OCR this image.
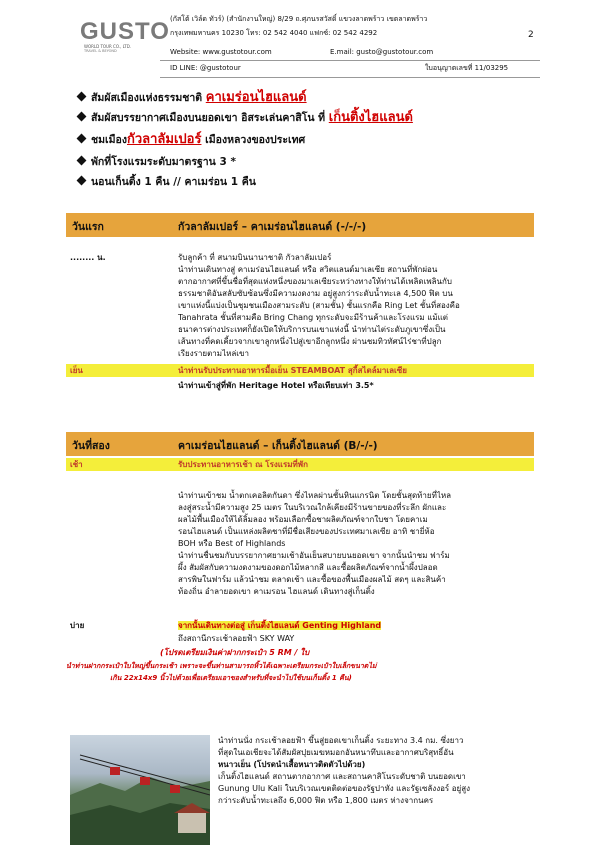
GUSTO
WORLD TOUR CO., LTD.
TRAVEL & BEYOND
(กัสโต้ เวิล์ด ทัวร์) (สำนักงานใหญ่) 8/29 ถ.ศุภนรสวัสดิ์ แขวงลาดพร้าว เขตลาดพร้าว
กรุงเทพมหานคร 10230 โทร: 02 542 4040 แฟกซ์: 02 542 4292	2
Website: www.gustotour.com	E.mail: gusto@gustotour.com
ID LINE: @gustotour	ใบอนุญาตเลขที่ 11/03295
สัมผัสเมืองแห่งธรรมชาติ คาเมร่อนไฮแลนด์
สัมผัสบรรยากาศเมืองบนยอดเขา อิสระเล่นคาสิโน ที่ เก็นติ้งไฮแลนด์
ชมเมืองกัวลาลัมเปอร์ เมืองหลวงของประเทศ
พักที่โรงแรมระดับมาตรฐาน 3 *
นอนเก็นติ้ง 1 คืน // คาเมร่อน 1 คืน
วันแรก	กัวลาลัมเปอร์ – คาเมร่อนไฮแลนด์ (-/-/-)
........ น.	รับลูกค้า ที่ สนามบินนานาชาติ กัวลาลัมเปอร์
นำท่านเดินทางสู่ คาเมร่อนไฮแลนด์ หรือ สวิตแลนด์มาเลเซีย สถานที่พักผ่อน
ตากอากาศที่ขึ้นชื่อที่สุดแห่งหนึ่งของมาเลเซียระหว่างทางให้ท่านได้เพลิดเพลินกับ
ธรรมชาติอันสลับซับซ้อนซึ่งมีความงดงาม อยู่สูงกว่าระดับน้ำทะเล 4,500 ฟิต บน
เขาแห่งนี้แบ่งเป็นชุมชนเมืองสามระดับ (สามชั้น) ชั้นแรกคือ Ring Let ชั้นที่สองคือ
Tanahrata ชั้นที่สามคือ Bring Chang ทุกระดับจะมีร้านค้าและโรงแรม แม้แต่
ธนาคารต่างประเทศก็ยังเปิดให้บริการบนเขาแห่งนี้ นำท่านไต่ระดับภูเขาซึ่งเป็น
เส้นทางที่คดเคี้ยวจากเขาลูกหนึ่งไปสู่เขาอีกลูกหนึ่ง ผ่านชมทิวทัศน์ไร่ชาที่ปลูก
เรียงรายตามไหล่เขา
เย็น	นำท่านรับประทานอาหารมื้อเย็น STEAMBOAT สุกี้สไตล์มาเลเซีย
นำท่านเข้าสู่ที่พัก Heritage Hotel หรือเทียบเท่า 3.5*
วันที่สอง	คาเมร่อนไฮแลนด์ – เก็นติ้งไฮแลนด์ (B/-/-)
เช้า	รับประทานอาหารเช้า ณ โรงแรมที่พัก
นำท่านเข้าชม น้ำตกเคอลิตกันดา ซึ่งไหลผ่านชั้นหินแกรนิต โดยชั้นสุดท้ายที่ไหล
ลงสู่สระน้ำมีความสูง 25 เมตร ในบริเวณใกล้เคียงมีร้านขายของที่ระลึก ผักและ
ผลไม้พื้นเมืองให้ได้ลิ้มลอง พร้อมเลือกซื้อชาผลิตภัณฑ์จากใบชา โดยคาเม
รอนไฮแลนด์ เป็นแหล่งผลิตชาที่มีชื่อเสียงของประเทศมาเลเซีย อาทิ ชายี่ห้อ
BOH หรือ Best of Highlands
นำท่านชื่นชมกับบรรยากาศยามเช้าอันเย็นสบายบนยอดเขา จากนั้นนำชม ฟาร์ม
ผึ้ง สัมผัสกับความงดงามของดอกไม้หลากสี และซื้อผลิตภัณฑ์จากน้ำผึ้งปลอด
สารพิษในฟาร์ม แล้วนำชม ตลาดเช้า และซื้อของพื้นเมืองผลไม้ สดๆ และสินค้า
ท้องถิ่น อำลายอดเขา คาเมรอน ไฮแลนด์ เดินทางสู่เก็นติ้ง
บ่าย	จากนั้นเดินทางต่อสู่ เก็นติ้งไฮแลนด์ Genting Highland
ถึงสถานีกระเช้าลอยฟ้า SKY WAY
(โปรดเตรียมเงินค่าฝากกระเป๋า 5 RM / ใบ
นำท่านฝากกระเป๋าใบใหญ่ขึ้นกระเช้า เพราะจะขึ้นท่านสามารถหิ้วได้เฉพาะเตรียมกระเป๋าใบเล็กขนาดไม่
เกิน 22x14x9 นิ้วไปด้วยเพื่อเตรียมเอาของสำหรับที่จะนำไปใช้บนเก็นติ้ง 1 คืน)
นำท่านนั่ง กระเช้าลอยฟ้า ขึ้นสู่ยอดเขาเก็นติ้ง ระยะทาง 3.4 กม. ซึ่งยาว
ที่สุดในเอเชียจะได้สัมผัสปุยเมฆหมอกอันหนาทึบและอากาศบริสุทธิ์อัน
หนาวเย็น (โปรดนำเสื้อหนาวติดตัวไปด้วย)
เก็นติ้งไฮแลนด์ สถานตากอากาศ และสถานคาสิโนระดับชาติ บนยอดเขา
Gunung Ulu Kali ในบริเวณเขตติดต่อของรัฐปาหัง และรัฐเซลังงอร์ อยู่สูง
กว่าระดับน้ำทะเลถึง 6,000 ฟิต หรือ 1,800 เมตร ห่างจากนคร
